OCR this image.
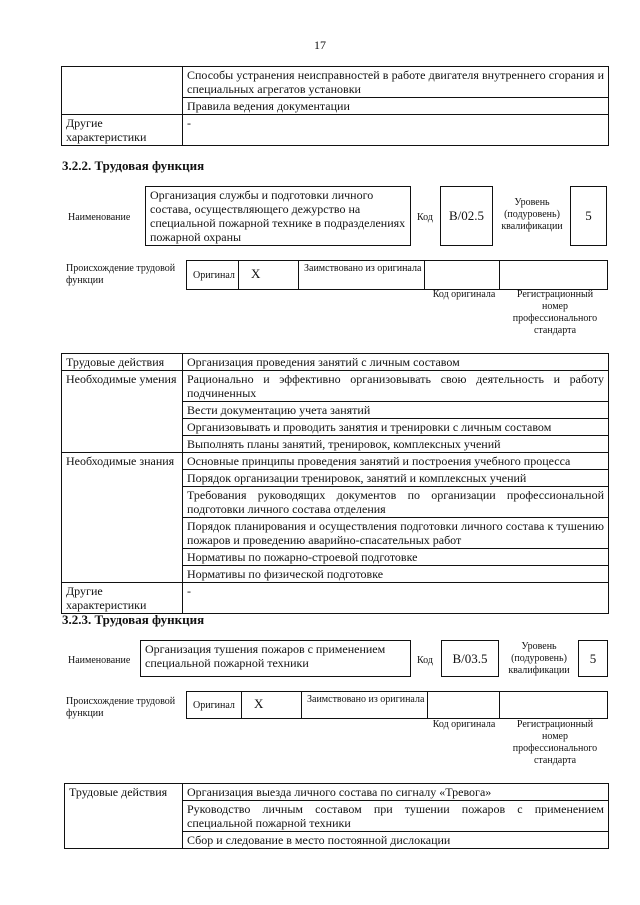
17
	Способы устранения неисправностей в работе двигателя внутреннего сгорания и специальных агрегатов установки
	Правила ведения документации
Другие характеристики	-
3.2.2. Трудовая функция
Наименование
Организация службы и подготовки личного состава, осуществляющего дежурство на специальной пожарной технике в подразделениях пожарной охраны
Код	B/02.5
Уровень (подуровень) квалификации
5
Происхождение трудовой функции	Оригинал	X	Заимствовано из оригинала
Код оригинала	Регистрационный номер профессионального стандарта
Трудовые действия	Организация проведения занятий с личным составом
Необходимые умения	Рационально и эффективно организовывать свою деятельность и работу подчиненных
	Вести документацию учета занятий
	Организовывать и проводить занятия и тренировки с личным составом
	Выполнять планы занятий, тренировок, комплексных учений
Необходимые знания	Основные принципы проведения занятий и построения учебного процесса
	Порядок организации тренировок, занятий и комплексных учений
	Требования руководящих документов по организации профессиональной подготовки личного состава отделения
	Порядок планирования и осуществления подготовки личного состава к тушению пожаров и проведению аварийно-спасательных работ
	Нормативы по пожарно-строевой подготовке
	Нормативы по физической подготовке
Другие характеристики	-
3.2.3. Трудовая функция
Наименование
Организация тушения пожаров с применением специальной пожарной техники	Код	B/03.5
Уровень (подуровень) квалификации
5
Происхождение трудовой функции
Оригинал	X	Заимствовано из оригинала
Код оригинала	Регистрационный номер профессионального стандарта
Трудовые действия	Организация выезда личного состава по сигналу «Тревога»
Руководство личным составом при тушении пожаров с применением специальной пожарной техники
Сбор и следование в место постоянной дислокации
